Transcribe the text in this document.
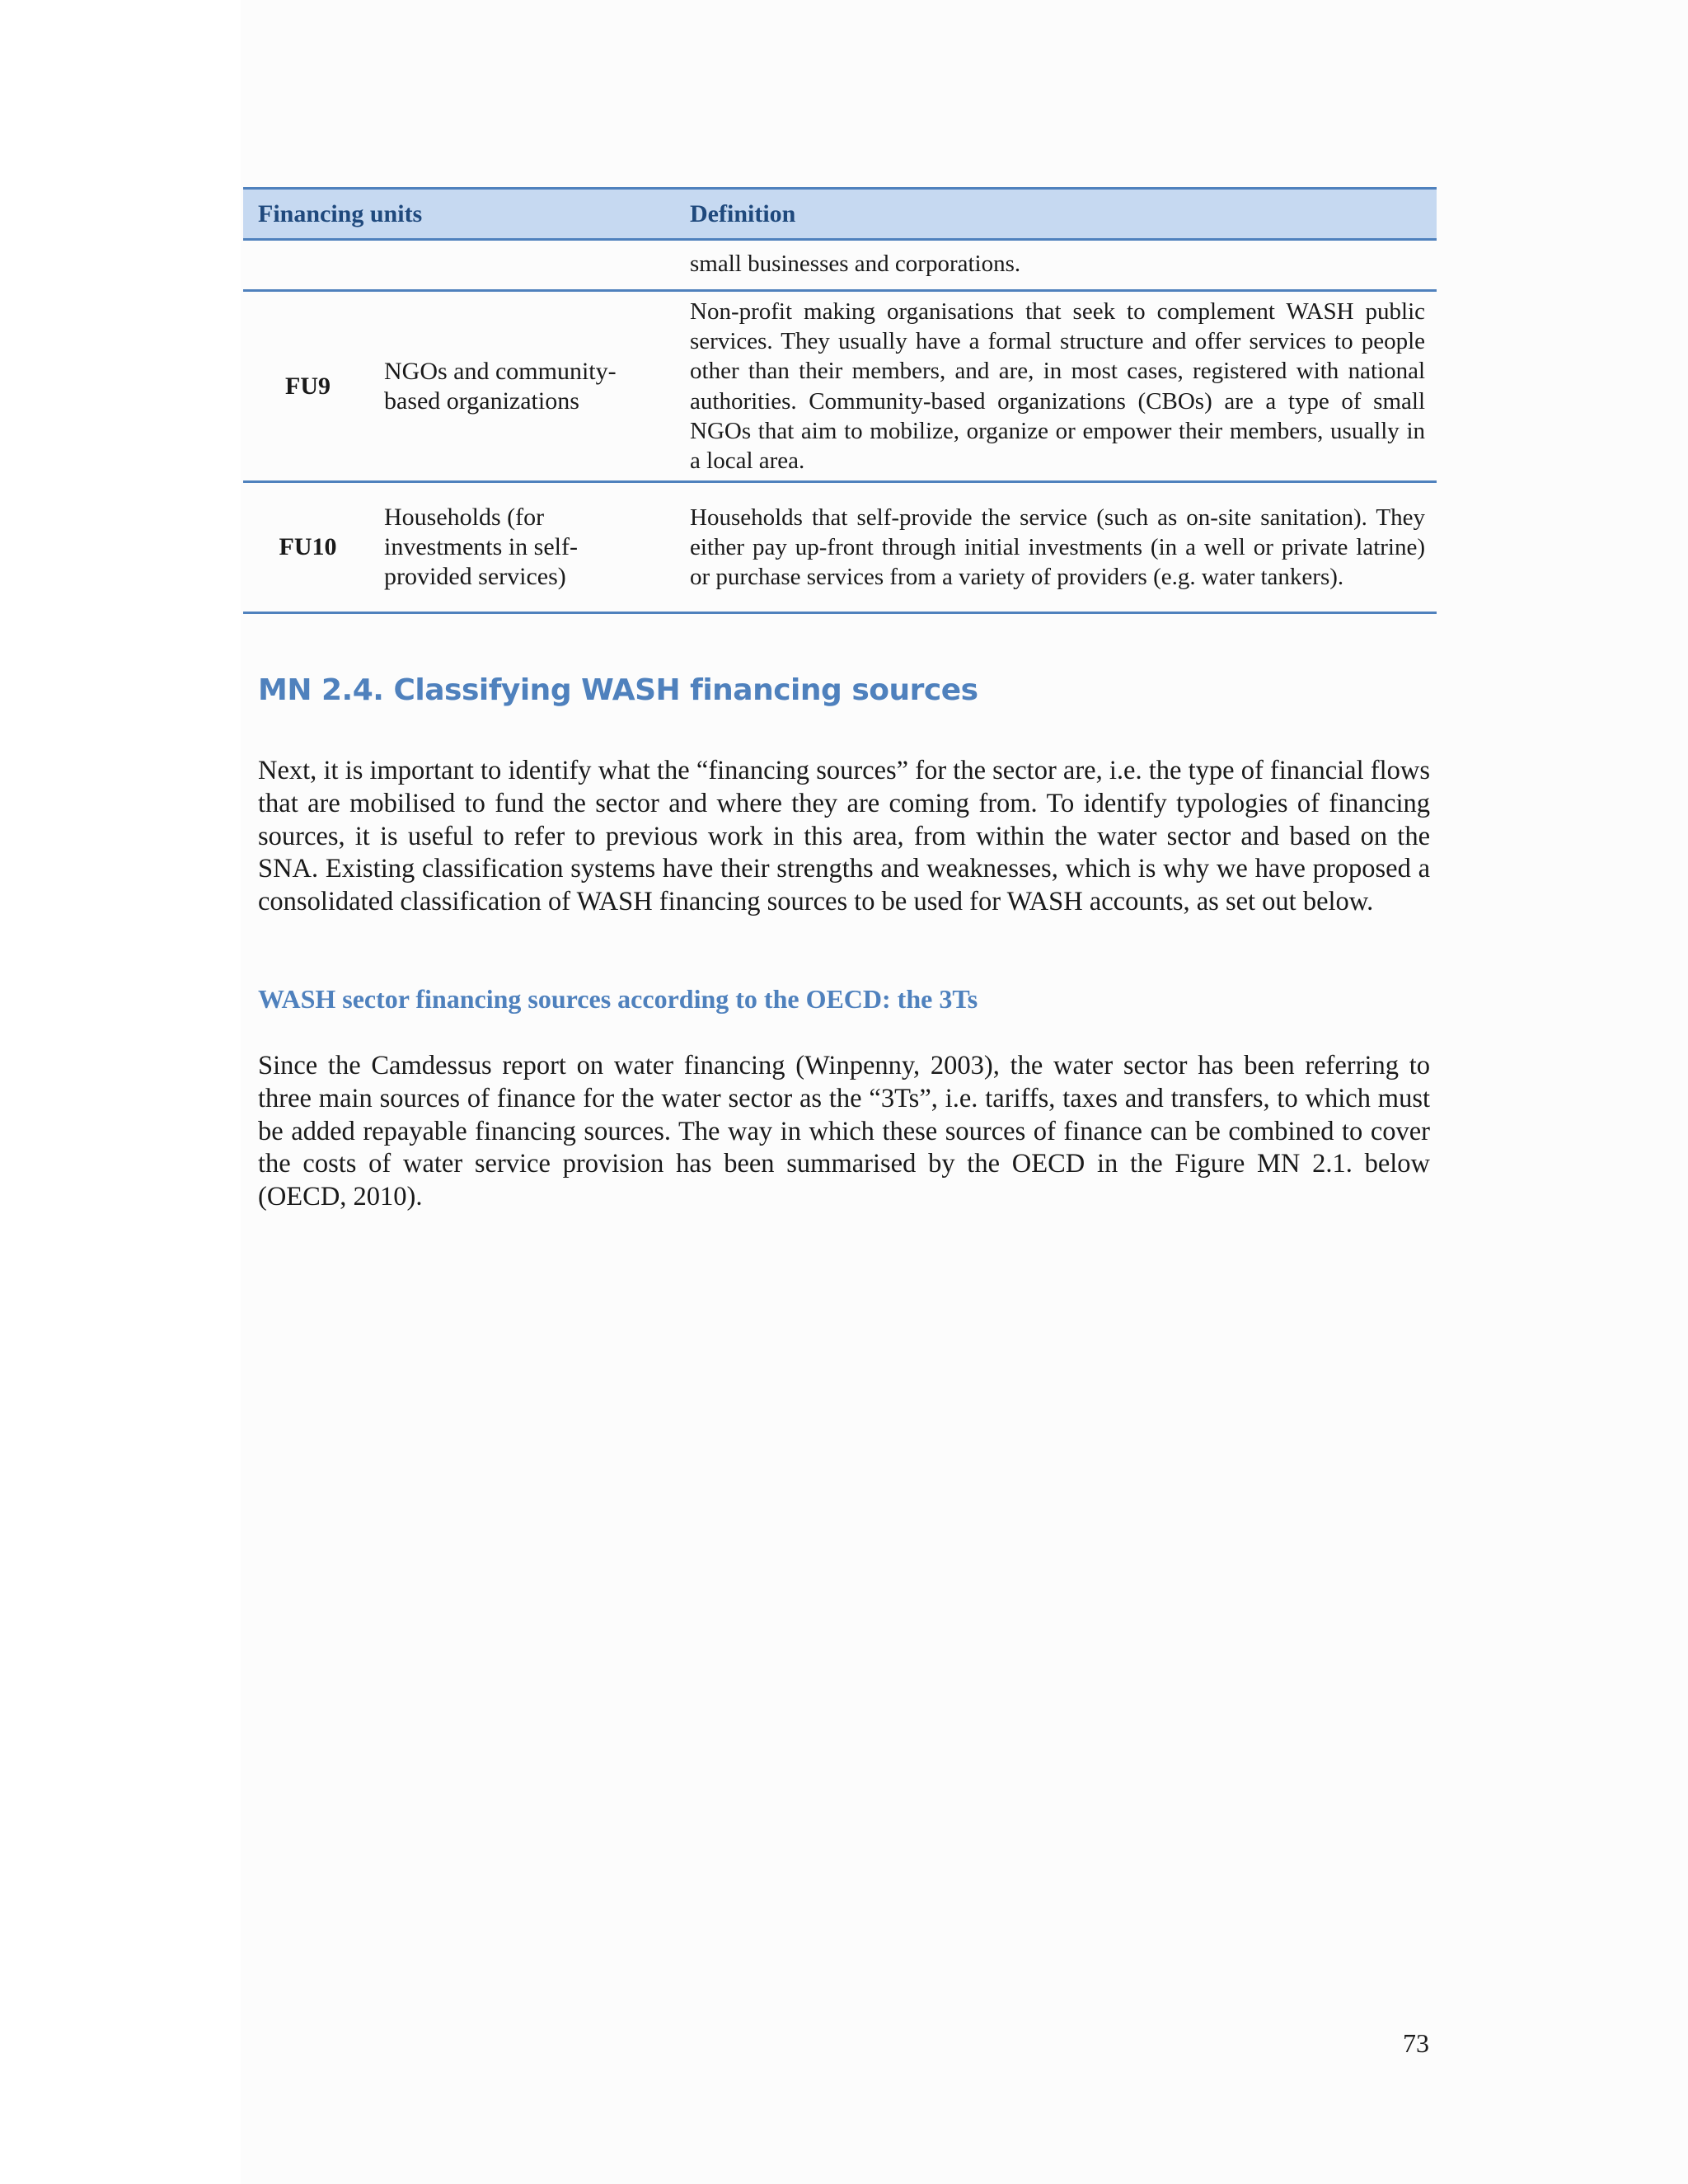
Financing units		Definition
		small businesses and corporations.
FU9	NGOs and community-based organizations	Non-profit making organisations that seek to complement WASH public services. They usually have a formal structure and offer services to people other than their members, and are, in most cases, registered with national authorities. Community-based organizations (CBOs) are a type of small NGOs that aim to mobilize, organize or empower their members, usually in a local area.
FU10	Households (for investments in self-provided services)	Households that self-provide the service (such as on-site sanitation). They either pay up-front through initial investments (in a well or private latrine) or purchase services from a variety of providers (e.g. water tankers).
MN 2.4. Classifying WASH financing sources

Next, it is important to identify what the “financing sources” for the sector are, i.e. the type of financial flows that are mobilised to fund the sector and where they are coming from. To identify typologies of financing sources, it is useful to refer to previous work in this area, from within the water sector and based on the SNA. Existing classification systems have their strengths and weaknesses, which is why we have proposed a consolidated classification of WASH financing sources to be used for WASH accounts, as set out below.

WASH sector financing sources according to the OECD: the 3Ts

Since the Camdessus report on water financing (Winpenny, 2003), the water sector has been referring to three main sources of finance for the water sector as the “3Ts”, i.e. tariffs, taxes and transfers, to which must be added repayable financing sources. The way in which these sources of finance can be combined to cover the costs of water service provision has been summarised by the OECD in the Figure MN 2.1. below (OECD, 2010).

73
